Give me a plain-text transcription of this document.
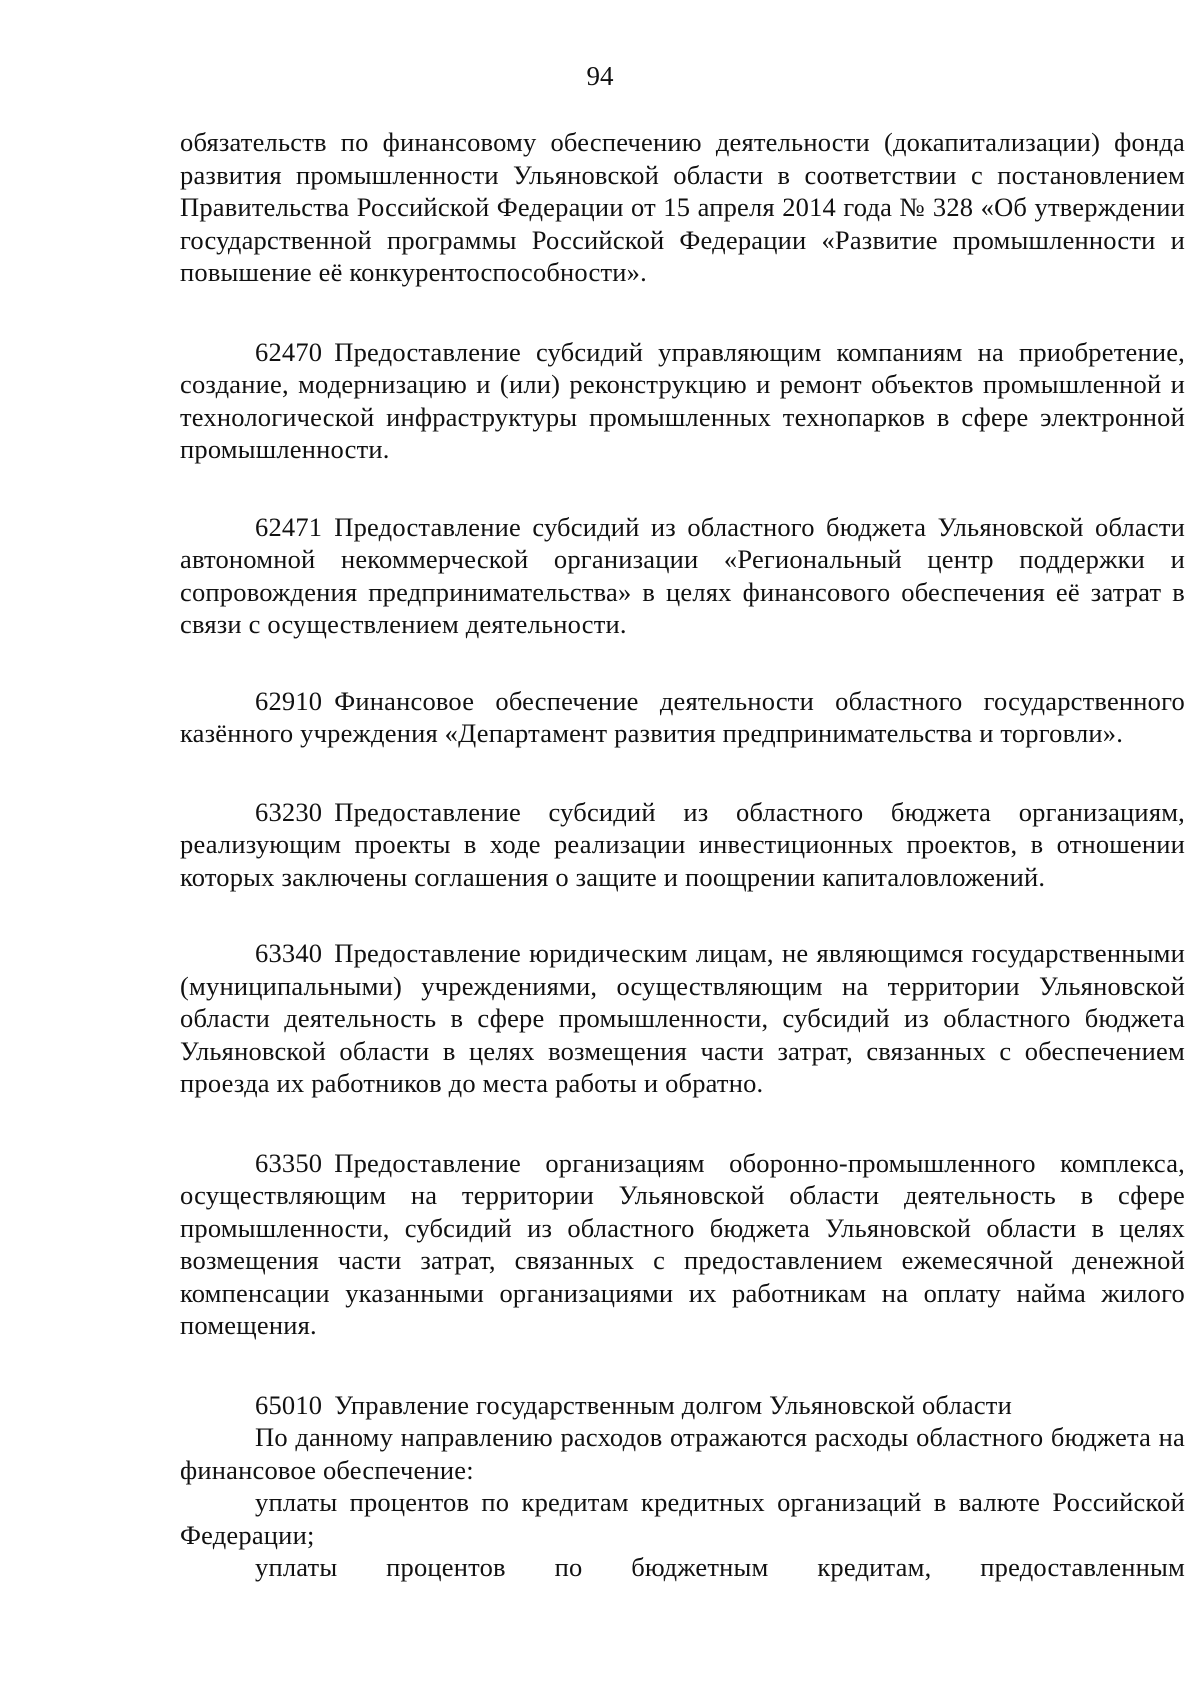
94

обязательств по финансовому обеспечению деятельности (докапитализации) фонда развития промышленности Ульяновской области в соответствии с постановлением Правительства Российской Федерации от 15 апреля 2014 года № 328 «Об утверждении государственной программы Российской Федерации «Развитие промышленности и повышение её конкурентоспособности».

62470 Предоставление субсидий управляющим компаниям на приобретение, создание, модернизацию и (или) реконструкцию и ремонт объектов промышленной и технологической инфраструктуры промышленных технопарков в сфере электронной промышленности.

62471 Предоставление субсидий из областного бюджета Ульяновской области автономной некоммерческой организации «Региональный центр поддержки и сопровождения предпринимательства» в целях финансового обеспечения её затрат в связи с осуществлением деятельности.

62910 Финансовое обеспечение деятельности областного государственного казённого учреждения «Департамент развития предпринимательства и торговли».

63230 Предоставление субсидий из областного бюджета организациям, реализующим проекты в ходе реализации инвестиционных проектов, в отношении которых заключены соглашения о защите и поощрении капиталовложений.

63340 Предоставление юридическим лицам, не являющимся государственными (муниципальными) учреждениями, осуществляющим на территории Ульяновской области деятельность в сфере промышленности, субсидий из областного бюджета Ульяновской области в целях возмещения части затрат, связанных с обеспечением проезда их работников до места работы и обратно.

63350 Предоставление организациям оборонно-промышленного комплекса, осуществляющим на территории Ульяновской области деятельность в сфере промышленности, субсидий из областного бюджета Ульяновской области в целях возмещения части затрат, связанных с предоставлением ежемесячной денежной компенсации указанными организациями их работникам на оплату найма жилого помещения.

65010 Управление государственным долгом Ульяновской области

По данному направлению расходов отражаются расходы областного бюджета на финансовое обеспечение:

уплаты процентов по кредитам кредитных организаций в валюте Российской Федерации;

уплаты процентов по бюджетным кредитам, предоставленным
